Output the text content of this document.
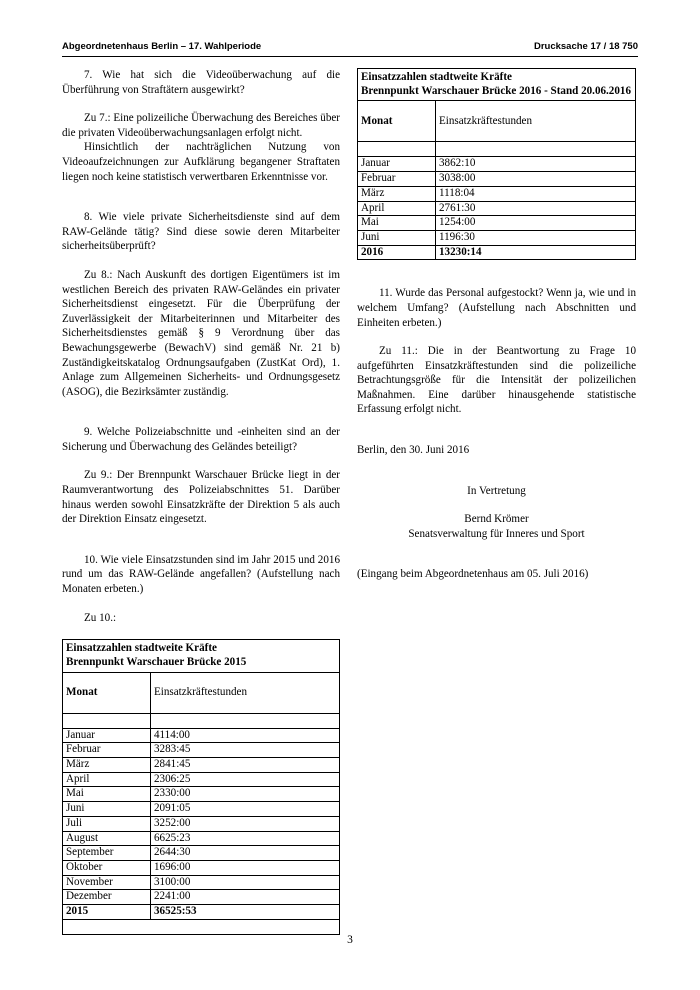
Abgeordnetenhaus Berlin – 17. Wahlperiode	Drucksache 17 / 18 750

7. Wie hat sich die Videoüberwachung auf die Überführung von Straftätern ausgewirkt?

Zu 7.: Eine polizeiliche Überwachung des Bereiches über die privaten Videoüberwachungsanlagen erfolgt nicht.

Hinsichtlich der nachträglichen Nutzung von Videoaufzeichnungen zur Aufklärung begangener Straftaten liegen noch keine statistisch verwertbaren Erkenntnisse vor.

8. Wie viele private Sicherheitsdienste sind auf dem RAW-Gelände tätig? Sind diese sowie deren Mitarbeiter sicherheitsüberprüft?

Zu 8.: Nach Auskunft des dortigen Eigentümers ist im westlichen Bereich des privaten RAW-Geländes ein privater Sicherheitsdienst eingesetzt. Für die Überprüfung der Zuverlässigkeit der Mitarbeiterinnen und Mitarbeiter des Sicherheitsdienstes gemäß § 9 Verordnung über das Bewachungsgewerbe (BewachV) sind gemäß Nr. 21 b) Zuständigkeitskatalog Ordnungsaufgaben (ZustKat Ord), 1. Anlage zum Allgemeinen Sicherheits- und Ordnungsgesetz (ASOG), die Bezirksämter zuständig.

9. Welche Polizeiabschnitte und -einheiten sind an der Sicherung und Überwachung des Geländes beteiligt?

Zu 9.: Der Brennpunkt Warschauer Brücke liegt in der Raumverantwortung des Polizeiabschnittes 51. Darüber hinaus werden sowohl Einsatzkräfte der Direktion 5 als auch der Direktion Einsatz eingesetzt.

10. Wie viele Einsatzstunden sind im Jahr 2015 und 2016 rund um das RAW-Gelände angefallen? (Aufstellung nach Monaten erbeten.)

Zu 10.:

Einsatzzahlen stadtweite Kräfte
Brennpunkt Warschauer Brücke 2015	

Monat	Einsatzkräftestunden

Januar	4114:00
Februar	3283:45
März	2841:45
April	2306:25
Mai	2330:00
Juni	2091:05
Juli	3252:00
August	6625:23
September	2644:30
Oktober	1696:00
November	3100:00
Dezember	2241:00
2015	36525:53

Einsatzzahlen stadtweite Kräfte
Brennpunkt Warschauer Brücke 2016 - Stand 20.06.2016	

Monat	Einsatzkräftestunden

Januar	3862:10
Februar	3038:00
März	1118:04
April	2761:30
Mai	1254:00
Juni	1196:30
2016	13230:14

11. Wurde das Personal aufgestockt? Wenn ja, wie und in welchem Umfang? (Aufstellung nach Abschnitten und Einheiten erbeten.)

Zu 11.: Die in der Beantwortung zu Frage 10 aufgeführten Einsatzkräftestunden sind die polizeiliche Betrachtungsgröße für die Intensität der polizeilichen Maßnahmen. Eine darüber hinausgehende statistische Erfassung erfolgt nicht.

Berlin, den 30. Juni 2016

In Vertretung

Bernd Krömer

Senatsverwaltung für Inneres und Sport

(Eingang beim Abgeordnetenhaus am 05. Juli 2016)

3
